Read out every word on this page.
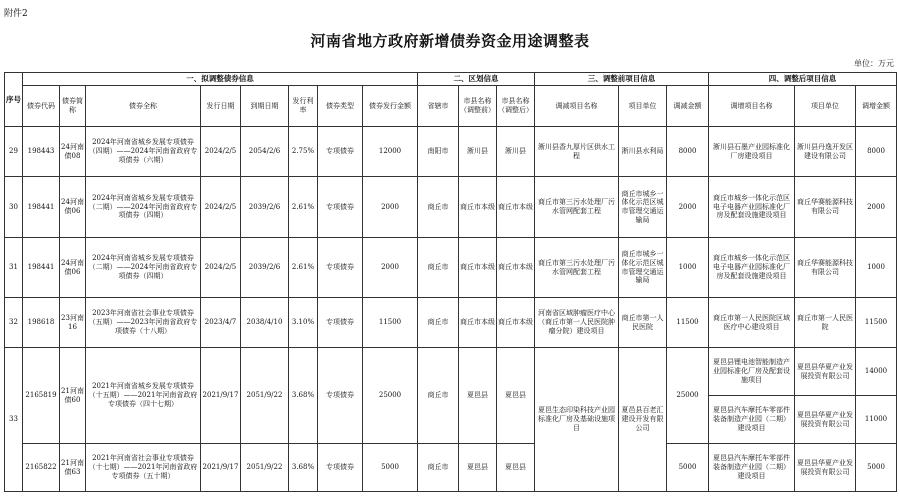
附件2
河南省地方政府新增债券资金用途调整表
单位：万元
序号	一、拟调整债券信息								二、区划信息			三、调整前项目信息			四、调整后项目信息		
	债券代码	债券简称	债券全称	发行日期	到期日期	发行利率	债券类型	债券发行金额	省辖市	市县名称（调整前）	市县名称（调整后）	调减项目名称	项目单位	调减金额	调增项目名称	项目单位	调增金额
29	198443	24河南债08	2024年河南省城乡发展专项债券（四期）——2024年河南省政府专项债券（六期）	2024/2/5	2054/2/6	2.75%	专项债券	12000	南阳市	淅川县	淅川县	淅川县香九厚片区供水工程	淅川县水利局	8000	淅川县石墨产业园标准化厂房建设项目	淅川县丹逸开发区建设有限公司	8000
30	198441	24河南债06	2024年河南省城乡发展专项债券（二期）——2024年河南省政府专项债券（四期）	2024/2/5	2039/2/6	2.61%	专项债券	2000	商丘市	商丘市本级	商丘市本级	商丘市第三污水处理厂污水管网配套工程	商丘市城乡一体化示范区城市管理交通运输局	2000	商丘市城乡一体化示范区电子电器产业园标准化厂房及配套设施建设项目	商丘华赛能源科技有限公司	2000
31	198441	24河南债06	2024年河南省城乡发展专项债券（二期）——2024年河南省政府专项债券（四期）	2024/2/5	2039/2/6	2.61%	专项债券	2000	商丘市	商丘市本级	商丘市本级	商丘市第三污水处理厂污水管网配套工程	商丘市城乡一体化示范区城市管理交通运输局	1000	商丘市城乡一体化示范区电子电器产业园标准化厂房及配套设施建设项目	商丘华赛能源科技有限公司	1000
32	198618	23河南16	2023年河南省社会事业专项债券（五期）——2023年河南省政府专项债券（十八期）	2023/4/7	2038/4/10	3.10%	专项债券	11500	商丘市	商丘市本级	商丘市本级	河南省区域肿瘤医疗中心（商丘市第一人民医院肿瘤分院）建设项目	商丘市第一人民医院	11500	商丘市第一人民医院区域医疗中心建设项目	商丘市第一人民医院	11500
33	2165819	21河南债60	2021年河南省城乡发展专项债券（十五期）——2021年河南省政府专项债券（四十七期）	2021/9/17	2051/9/22	3.68%	专项债券	25000	商丘市	夏邑县	夏邑县	夏邑生态印染科技产业园标准化厂房及基础设施项目	夏邑县百老汇建设开发有限公司	25000	夏邑县锂电池智能制造产业园标准化厂房及配套设施项目	夏邑县华夏产业发展投资有限公司	14000
															夏邑县汽车摩托车零部件装备制造产业园（二期）建设项目	夏邑县华夏产业发展投资有限公司	11000
	2165822	21河南债63	2021年河南省社会事业专项债券（十七期）——2021年河南省政府专项债券（五十期）	2021/9/17	2051/9/22	3.68%	专项债券	5000	商丘市	夏邑县	夏邑县			5000	夏邑县汽车摩托车零部件装备制造产业园（二期）建设项目	夏邑县华夏产业发展投资有限公司	5000
